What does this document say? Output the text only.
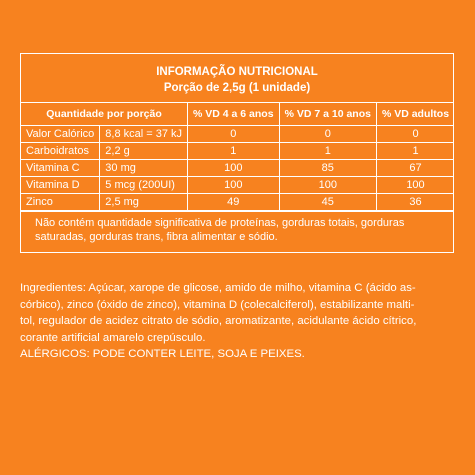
INFORMAÇÃO NUTRICIONAL
Porção de 2,5g (1 unidade)
Quantidade por porção		% VD 4 a 6 anos	% VD 7 a 10 anos	% VD adultos
Valor Calórico	8,8 kcal = 37 kJ	0	0	0
Carboidratos	2,2 g	1	1	1
Vitamina C	30 mg	100	85	67
Vitamina D	5 mcg (200UI)	100	100	100
Zinco	2,5 mg	49	45	36
Não contém quantidade significativa de proteínas, gorduras totais, gorduras saturadas, gorduras trans, fibra alimentar e sódio.
Ingredientes: Açúcar, xarope de glicose, amido de milho, vitamina C (ácido as-
córbico), zinco (óxido de zinco), vitamina D (colecalciferol), estabilizante malti-
tol, regulador de acidez citrato de sódio, aromatizante, acidulante ácido cítrico,
corante artificial amarelo crepúsculo.
ALÉRGICOS: PODE CONTER LEITE, SOJA E PEIXES.
